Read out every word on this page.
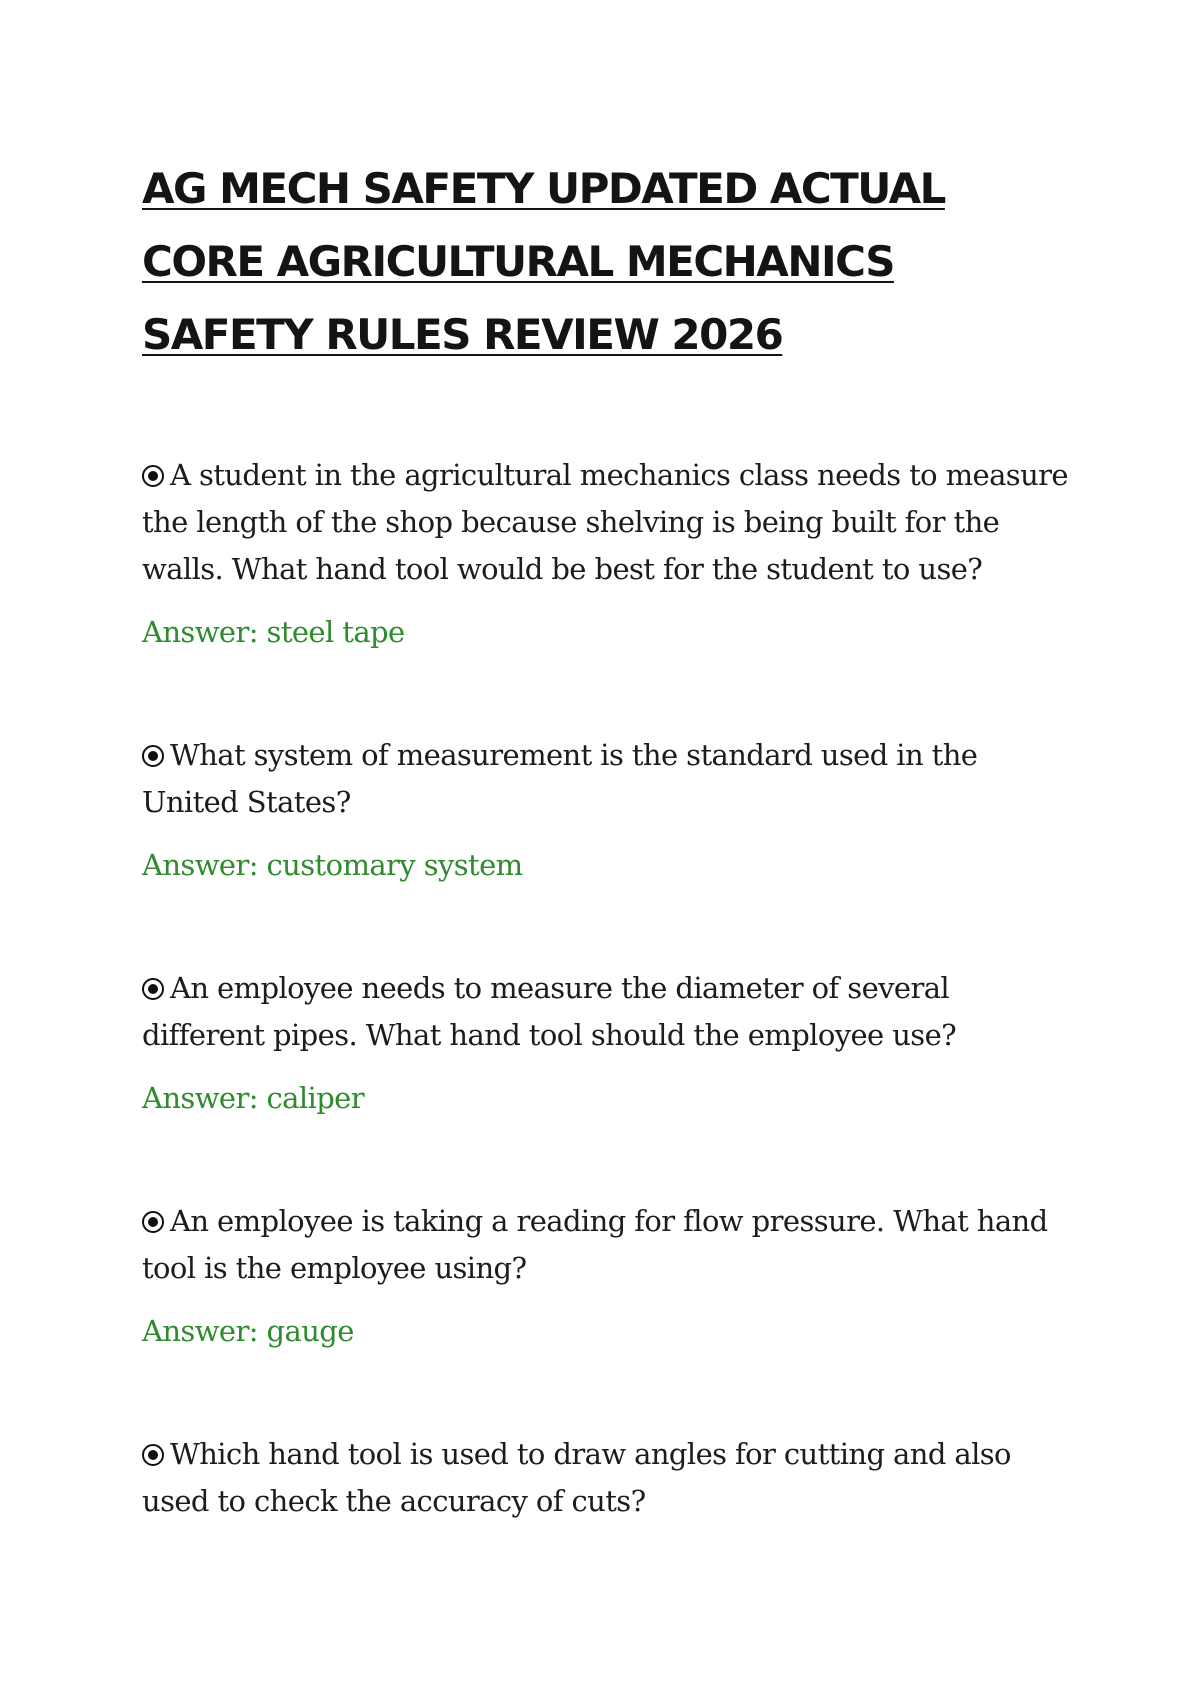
AG MECH SAFETY UPDATED ACTUAL CORE AGRICULTURAL MECHANICS SAFETY RULES REVIEW 2026

A student in the agricultural mechanics class needs to measure the length of the shop because shelving is being built for the walls. What hand tool would be best for the student to use?

Answer: steel tape

What system of measurement is the standard used in the United States?

Answer: customary system

An employee needs to measure the diameter of several different pipes. What hand tool should the employee use?

Answer: caliper

An employee is taking a reading for flow pressure. What hand tool is the employee using?

Answer: gauge

Which hand tool is used to draw angles for cutting and also used to check the accuracy of cuts?
